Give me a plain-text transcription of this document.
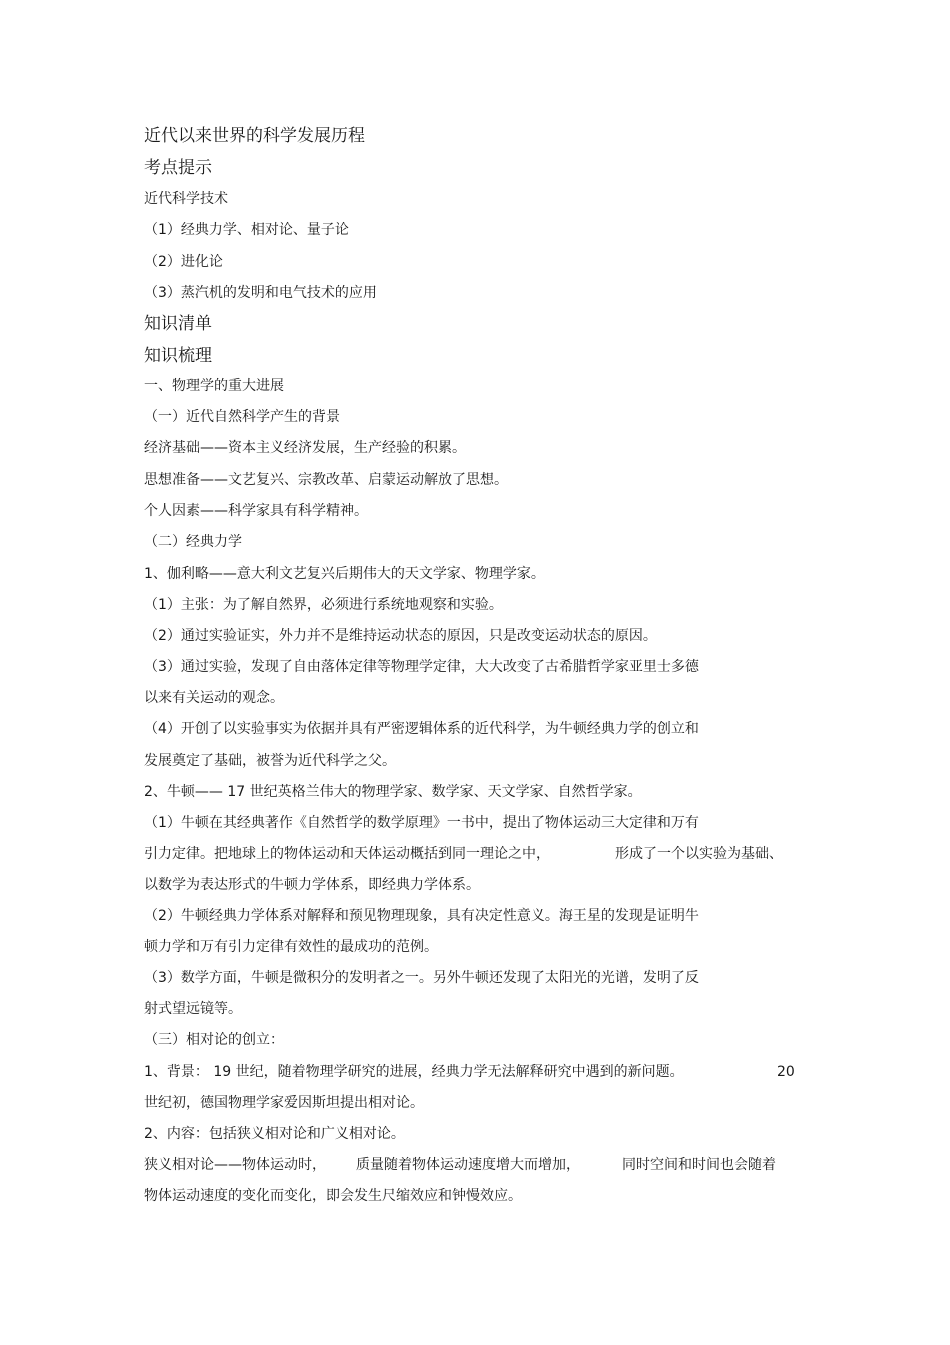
近代以来世界的科学发展历程
考点提示
近代科学技术
（1）经典力学、相对论、量子论
（2）进化论
（3）蒸汽机的发明和电气技术的应用
知识清单
知识梳理
一、物理学的重大进展
（一）近代自然科学产生的背景
经济基础——资本主义经济发展，生产经验的积累。
思想准备——文艺复兴、宗教改革、启蒙运动解放了思想。
个人因素——科学家具有科学精神。
（二）经典力学
1、伽利略——意大利文艺复兴后期伟大的天文学家、物理学家。
（1）主张：为了解自然界，必须进行系统地观察和实验。
（2）通过实验证实，外力并不是维持运动状态的原因，只是改变运动状态的原因。
（3）通过实验，发现了自由落体定律等物理学定律，大大改变了古希腊哲学家亚里士多德
以来有关运动的观念。
（4）开创了以实验事实为依据并具有严密逻辑体系的近代科学，为牛顿经典力学的创立和
发展奠定了基础，被誉为近代科学之父。
2、牛顿—— 17 世纪英格兰伟大的物理学家、数学家、天文学家、自然哲学家。
（1）牛顿在其经典著作《自然哲学的数学原理》一书中，提出了物体运动三大定律和万有
引力定律。把地球上的物体运动和天体运动概括到同一理论之中，	形成了一个以实验为基础、
以数学为表达形式的牛顿力学体系，即经典力学体系。
（2）牛顿经典力学体系对解释和预见物理现象，具有决定性意义。海王星的发现是证明牛
顿力学和万有引力定律有效性的最成功的范例。
（3）数学方面，牛顿是微积分的发明者之一。另外牛顿还发现了太阳光的光谱，发明了反
射式望远镜等。
（三）相对论的创立：
1、背景： 19 世纪，随着物理学研究的进展，经典力学无法解释研究中遇到的新问题。	20
世纪初，德国物理学家爱因斯坦提出相对论。
2、内容：包括狭义相对论和广义相对论。
狭义相对论——物体运动时， 质量随着物体运动速度增大而增加，	同时空间和时间也会随着
物体运动速度的变化而变化，即会发生尺缩效应和钟慢效应。
